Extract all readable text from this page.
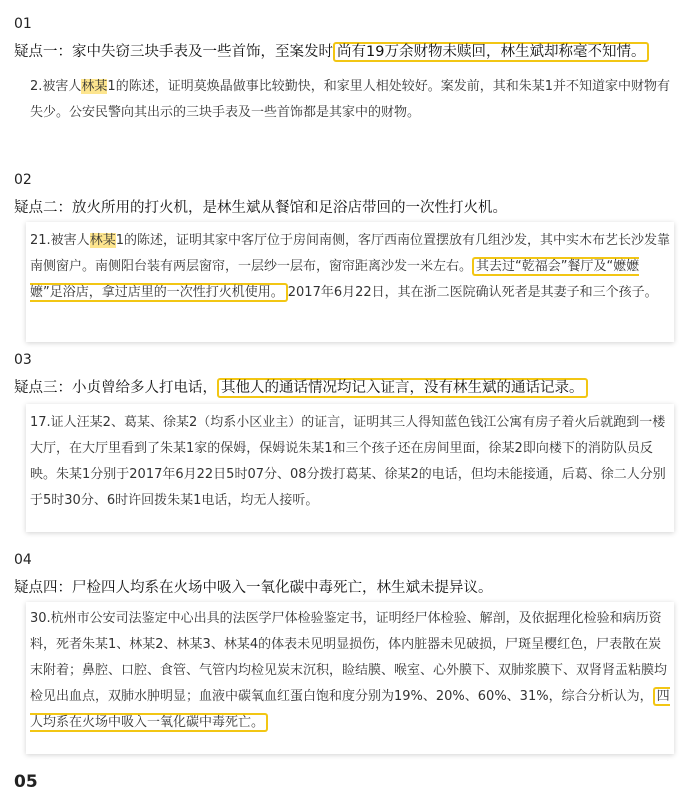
01
疑点一：家中失窃三块手表及一些首饰，至案发时 尚有19万余财物未赎回，林生斌却称毫不知情。

2.被害人林某1的陈述，证明莫焕晶做事比较勤快，和家里人相处较好。案发前，其和朱某1并不知道家中财物有失少。公安民警向其出示的三块手表及一些首饰都是其家中的财物。

02
疑点二：放火所用的打火机，是林生斌从餐馆和足浴店带回的一次性打火机。

21.被害人林某1的陈述，证明其家中客厅位于房间南侧，客厅西南位置摆放有几组沙发，其中实木布艺长沙发靠南侧窗户。南侧阳台装有两层窗帘，一层纱一层布，窗帘距离沙发一米左右。 其去过“乾福会”餐厅及“嬷嬷嬷”足浴店，拿过店里的一次性打火机使用。 2017年6月22日，其在浙二医院确认死者是其妻子和三个孩子。

03
疑点三：小贞曾给多人打电话， 其他人的通话情况均记入证言，没有林生斌的通话记录。
17.证人汪某2、葛某、徐某2（均系小区业主）的证言，证明其三人得知蓝色钱江公寓有房子着火后就跑到一楼大厅，在大厅里看到了朱某1家的保姆，保姆说朱某1和三个孩子还在房间里面，徐某2即向楼下的消防队员反映。朱某1分别于2017年6月22日5时07分、08分拨打葛某、徐某2的电话，但均未能接通，后葛、徐二人分别于5时30分、6时许回拨朱某1电话，均无人接听。
04
疑点四：尸检四人均系在火场中吸入一氧化碳中毒死亡，林生斌未提异议。

30.杭州市公安司法鉴定中心出具的法医学尸体检验鉴定书，证明经尸体检验、解剖，及依据理化检验和病历资料，死者朱某1、林某2、林某3、林某4的体表未见明显损伤，体内脏器未见破损，尸斑呈樱红色，尸表散在炭末附着；鼻腔、口腔、食管、气管内均检见炭末沉积，睑结膜、喉室、心外膜下、双肺浆膜下、双肾肾盂粘膜均检见出血点，双肺水肿明显；血液中碳氧血红蛋白饱和度分别为19%、20%、60%、31%，综合分析认为， 四人均系在火场中吸入一氧化碳中毒死亡。

05
